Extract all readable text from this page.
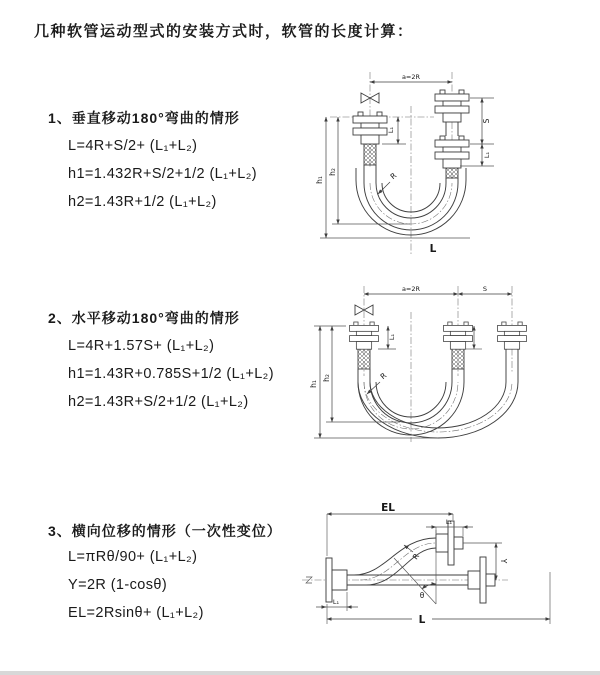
几种软管运动型式的安装方式时，软管的长度计算：
1、垂直移动180°弯曲的情形
L=4R+S/2+ (L₁+L₂)
h1=1.432R+S/2+1/2 (L₁+L₂)
h2=1.43R+1/2 (L₁+L₂)
2、水平移动180°弯曲的情形
L=4R+1.57S+ (L₁+L₂)
h1=1.43R+0.785S+1/2 (L₁+L₂)
h2=1.43R+S/2+1/2 (L₁+L₂)
3、横向位移的情形（一次性变位）
L=πRθ/90+ (L₁+L₂)
Y=2R (1-cosθ)
EL=2Rsinθ+ (L₁+L₂)
a=2R
h₁
h₂
L₁
S
L₁
R
L
a=2R	S
h₁
h₂
L₁
R
EL
L₁
Y
R
θ
L₁
L
